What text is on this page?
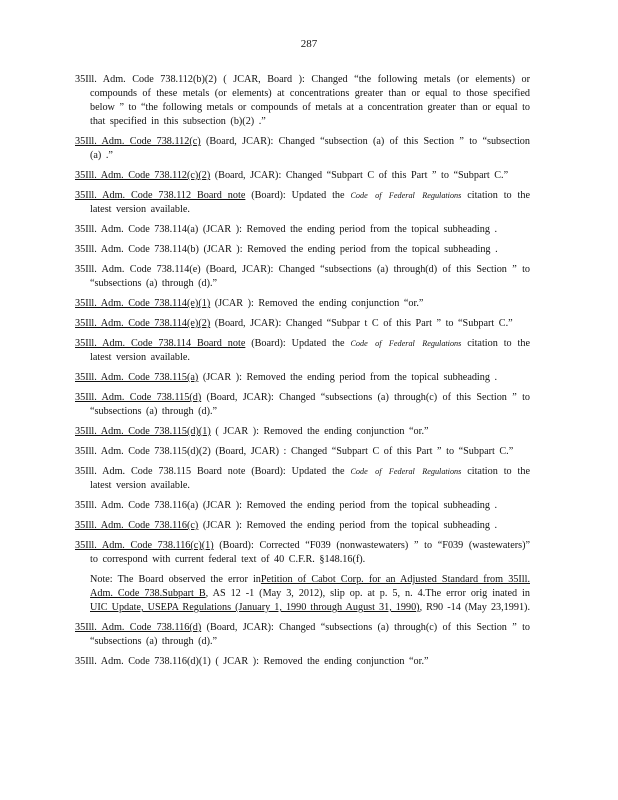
287
35Ill. Adm. Code 738.112(b)(2) ( JCAR, Board ): Changed “the following metals (or elements) or compounds of these metals (or elements) at concentrations greater than or equal to those specified below ” to “the following metals or compounds of metals at a concentration greater than or equal to that specified in this subsection (b)(2) .”
35Ill. Adm. Code 738.112(c) (Board, JCAR): Changed “subsection (a) of this Section ” to “subsection (a) .”
35Ill. Adm. Code 738.112(c)(2) (Board, JCAR): Changed “Subpart C of this Part ” to “Subpart C.”
35Ill. Adm. Code 738.112 Board note (Board): Updated the Code of Federal Regulations citation to the latest version available.
35Ill. Adm. Code 738.114(a) (JCAR ): Removed the ending period from the topical subheading .
35Ill. Adm. Code 738.114(b) (JCAR ): Removed the ending period from the topical subheading .
35Ill. Adm. Code 738.114(e) (Board, JCAR): Changed “subsections (a) through(d) of this Section ” to “subsections (a) through (d).”
35Ill. Adm. Code 738.114(e)(1) (JCAR ): Removed the ending conjunction “or.”
35Ill. Adm. Code 738.114(e)(2) (Board, JCAR): Changed “Subpar t C of this Part ” to “Subpart C.”
35Ill. Adm. Code 738.114 Board note (Board): Updated the Code of Federal Regulations citation to the latest version available.
35Ill. Adm. Code 738.115(a) (JCAR ): Removed the ending period from the topical subheading .
35Ill. Adm. Code 738.115(d) (Board, JCAR): Changed “subsections (a) through(c) of this Section ” to “subsections (a) through (d).”
35Ill. Adm. Code 738.115(d)(1) ( JCAR ): Removed the ending conjunction “or.”
35Ill. Adm. Code 738.115(d)(2) (Board, JCAR) : Changed “Subpart C of this Part ” to “Subpart C.”
35Ill. Adm. Code 738.115 Board note (Board): Updated the Code of Federal Regulations citation to the latest version available.
35Ill. Adm. Code 738.116(a) (JCAR ): Removed the ending period from the topical subheading .
35Ill. Adm. Code 738.116(c) (JCAR ): Removed the ending period from the topical subheading .
35Ill. Adm. Code 738.116(c)(1) (Board): Corrected “F039 (nonwastewaters) ” to “F039 (wastewaters)” to correspond with current federal text of 40 C.F.R. §148.16(f).
Note: The Board observed the error inPetition of Cabot Corp. for an Adjusted Standard from 35Ill. Adm. Code 738.Subpart B, AS 12 -1 (May 3, 2012), slip op. at p. 5, n. 4.The error orig inated in UIC Update, USEPA Regulations (January 1, 1990 through August 31, 1990), R90 -14 (May 23,1991).
35Ill. Adm. Code 738.116(d) (Board, JCAR): Changed “subsections (a) through(c) of this Section ” to “subsections (a) through (d).”
35Ill. Adm. Code 738.116(d)(1) ( JCAR ): Removed the ending conjunction “or.”
